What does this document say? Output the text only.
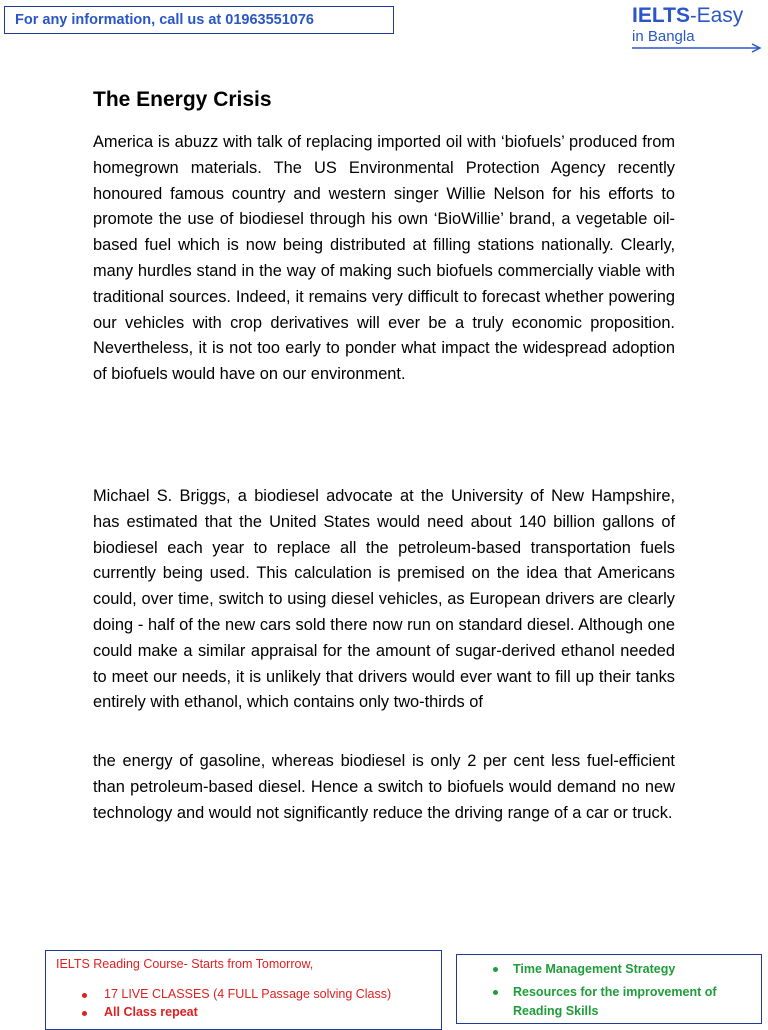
For any information, call us at 01963551076	IELTS-Easy
in Bangla
The Energy Crisis

America is abuzz with talk of replacing imported oil with ‘biofuels’ produced from homegrown materials. The US Environmental Protection Agency recently honoured famous country and western singer Willie Nelson for his efforts to promote the use of biodiesel through his own ‘BioWillie’ brand, a vegetable oil-based fuel which is now being distributed at filling stations nationally. Clearly, many hurdles stand in the way of making such biofuels commercially viable with traditional sources. Indeed, it remains very difficult to forecast whether powering our vehicles with crop derivatives will ever be a truly economic proposition. Nevertheless, it is not too early to ponder what impact the widespread adoption of biofuels would have on our environment.

Michael S. Briggs, a biodiesel advocate at the University of New Hampshire, has estimated that the United States would need about 140 billion gallons of biodiesel each year to replace all the petroleum-based transportation fuels currently being used. This calculation is premised on the idea that Americans could, over time, switch to using diesel vehicles, as European drivers are clearly doing - half of the new cars sold there now run on standard diesel. Although one could make a similar appraisal for the amount of sugar-derived ethanol needed to meet our needs, it is unlikely that drivers would ever want to fill up their tanks entirely with ethanol, which contains only two-thirds of

the energy of gasoline, whereas biodiesel is only 2 per cent less fuel-efficient than petroleum-based diesel. Hence a switch to biofuels would demand no new technology and would not significantly reduce the driving range of a car or truck.

IELTS Reading Course- Starts from Tomorrow,
17 LIVE CLASSES (4 FULL Passage solving Class)
All Class repeat
Time Management Strategy
Resources for the improvement of Reading Skills
